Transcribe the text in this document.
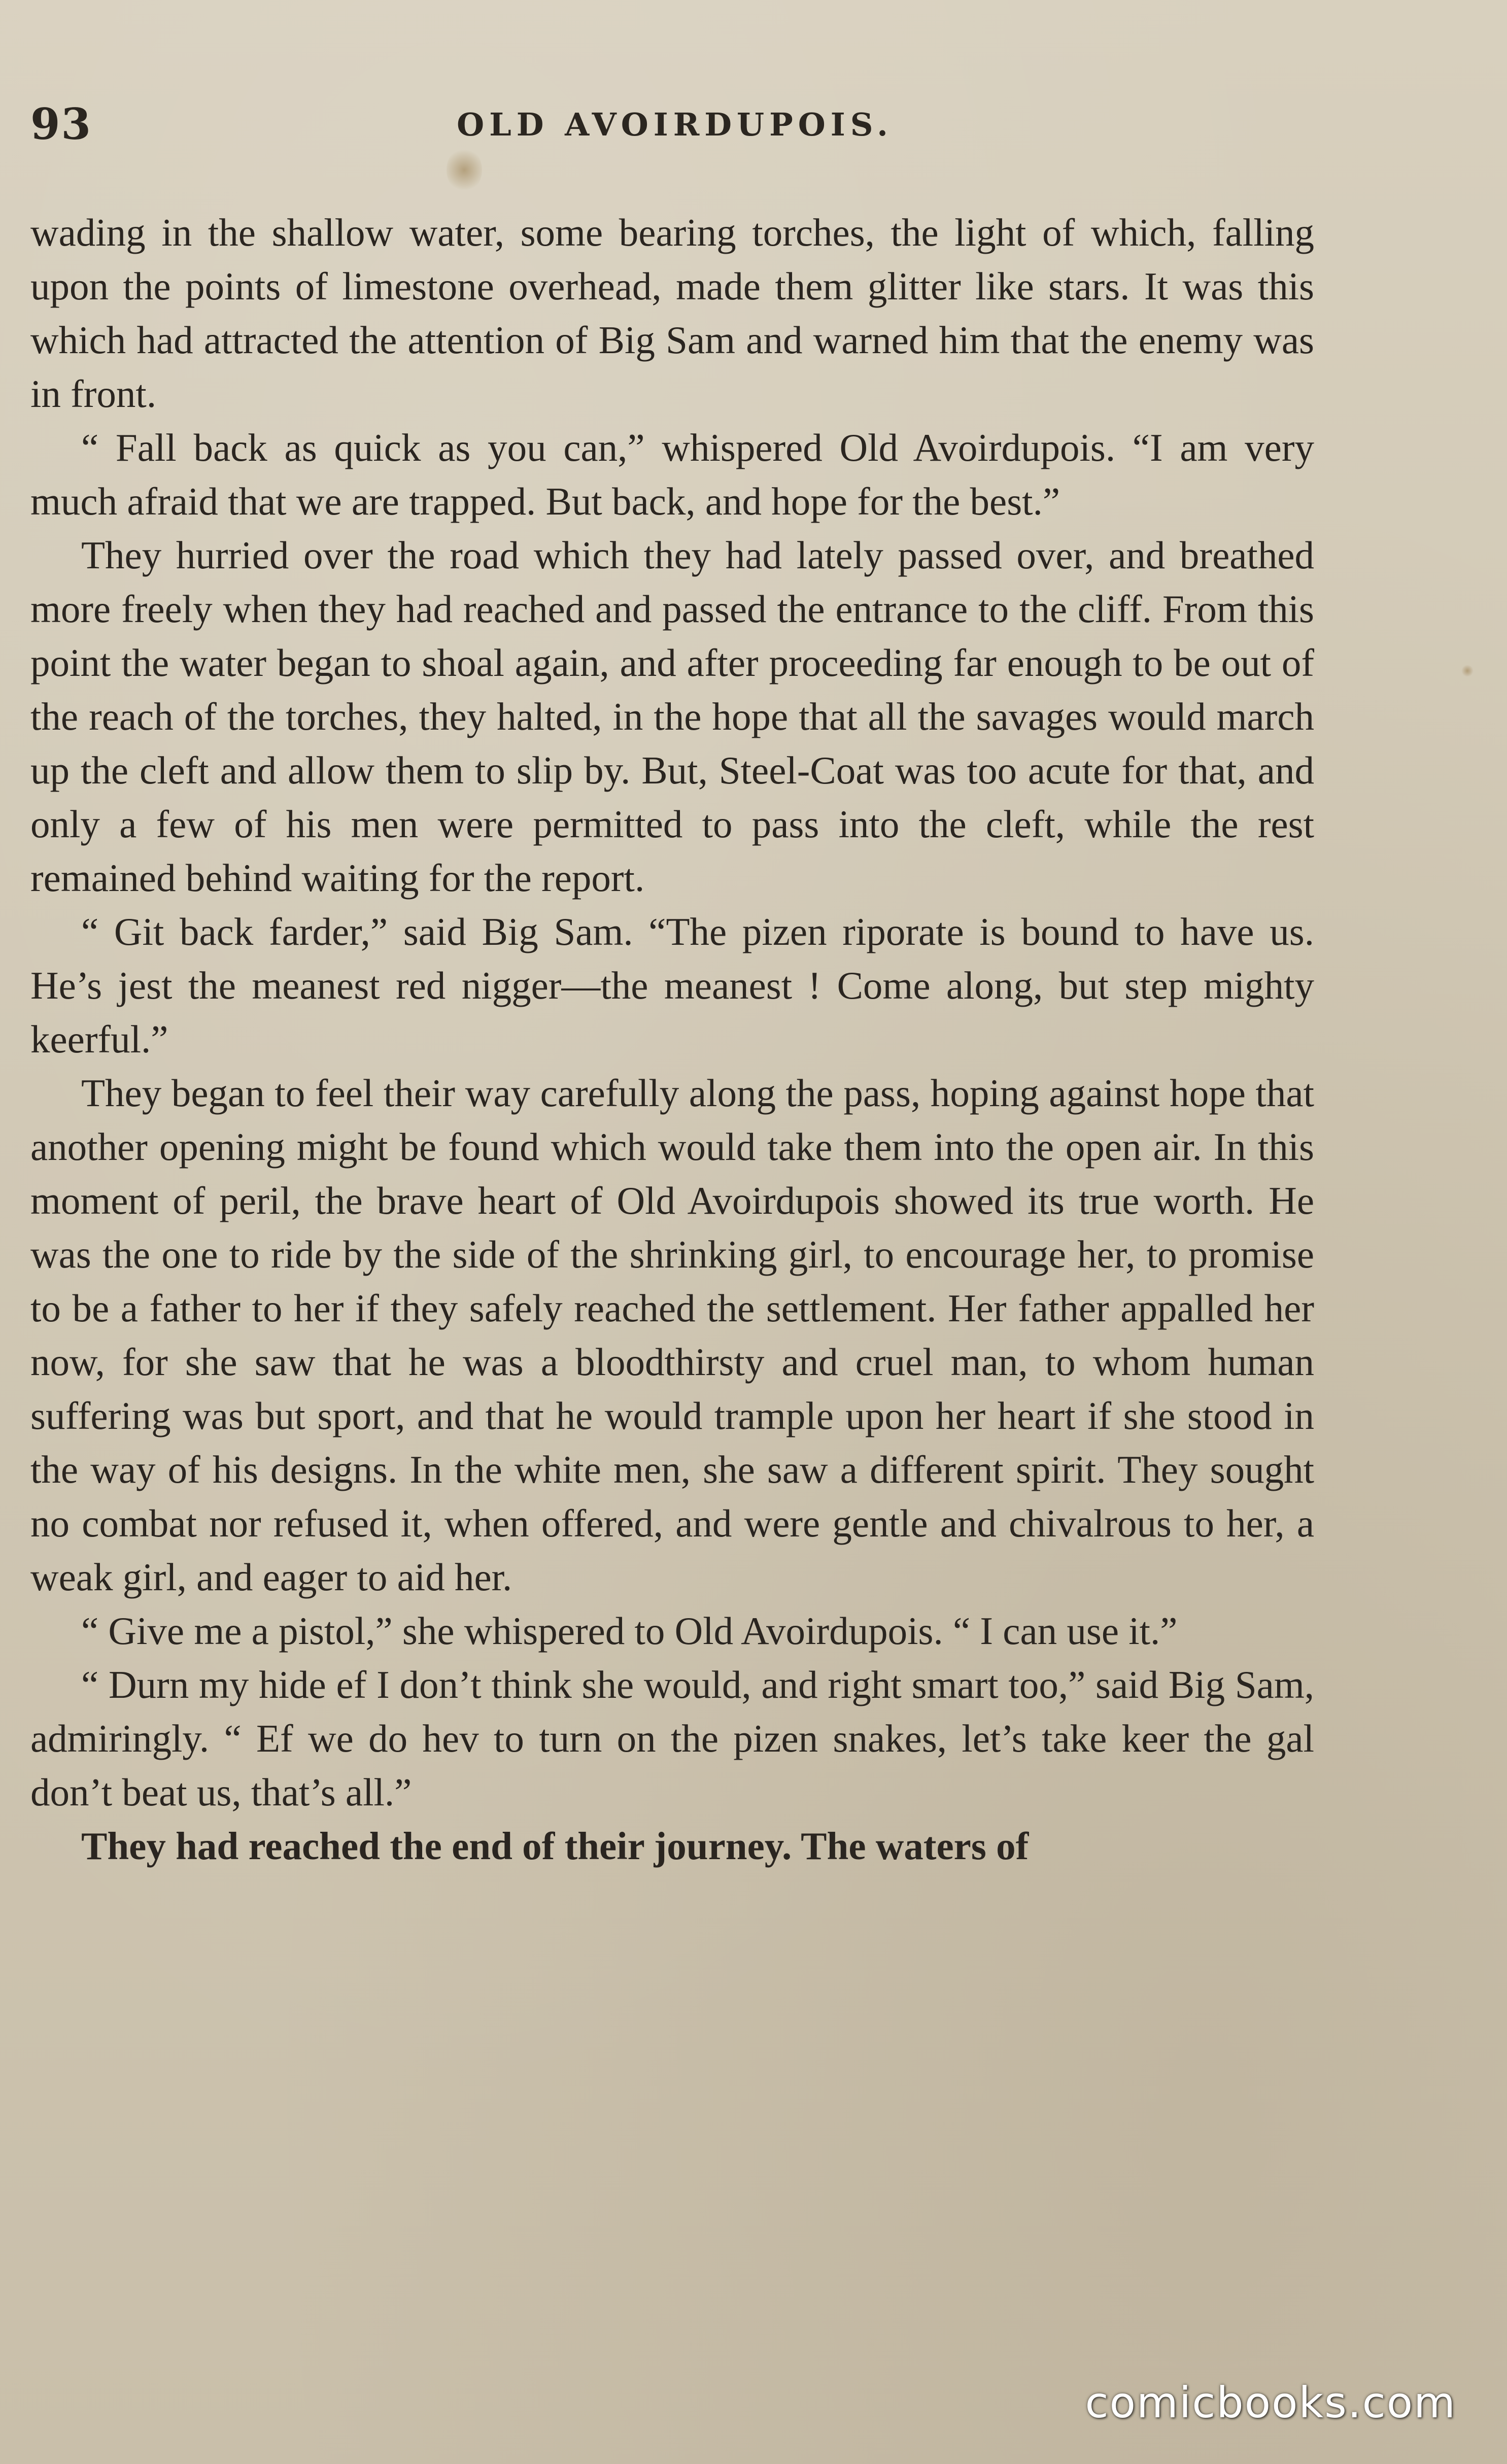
93	OLD AVOIRDUPOIS.

wading in the shallow water, some bearing torches, the light of which, falling upon the points of limestone overhead, made them glitter like stars. It was this which had attracted the attention of Big Sam and warned him that the enemy was in front.

“ Fall back as quick as you can,” whispered Old Avoirdupois. “I am very much afraid that we are trapped. But back, and hope for the best.”

They hurried over the road which they had lately passed over, and breathed more freely when they had reached and passed the entrance to the cliff. From this point the water began to shoal again, and after proceeding far enough to be out of the reach of the torches, they halted, in the hope that all the savages would march up the cleft and allow them to slip by. But, Steel-Coat was too acute for that, and only a few of his men were permitted to pass into the cleft, while the rest remained behind waiting for the report.

“ Git back farder,” said Big Sam. “The pizen riporate is bound to have us. He’s jest the meanest red nigger—the meanest ! Come along, but step mighty keerful.”

They began to feel their way carefully along the pass, hoping against hope that another opening might be found which would take them into the open air. In this moment of peril, the brave heart of Old Avoirdupois showed its true worth. He was the one to ride by the side of the shrinking girl, to encourage her, to promise to be a father to her if they safely reached the settlement. Her father appalled her now, for she saw that he was a bloodthirsty and cruel man, to whom human suffering was but sport, and that he would trample upon her heart if she stood in the way of his designs. In the white men, she saw a different spirit. They sought no combat nor refused it, when offered, and were gentle and chivalrous to her, a weak girl, and eager to aid her.

“ Give me a pistol,” she whispered to Old Avoirdupois. “ I can use it.”

“ Durn my hide ef I don’t think she would, and right smart too,” said Big Sam, admiringly. “ Ef we do hev to turn on the pizen snakes, let’s take keer the gal don’t beat us, that’s all.”

They had reached the end of their journey. The waters of

comicbooks.com
